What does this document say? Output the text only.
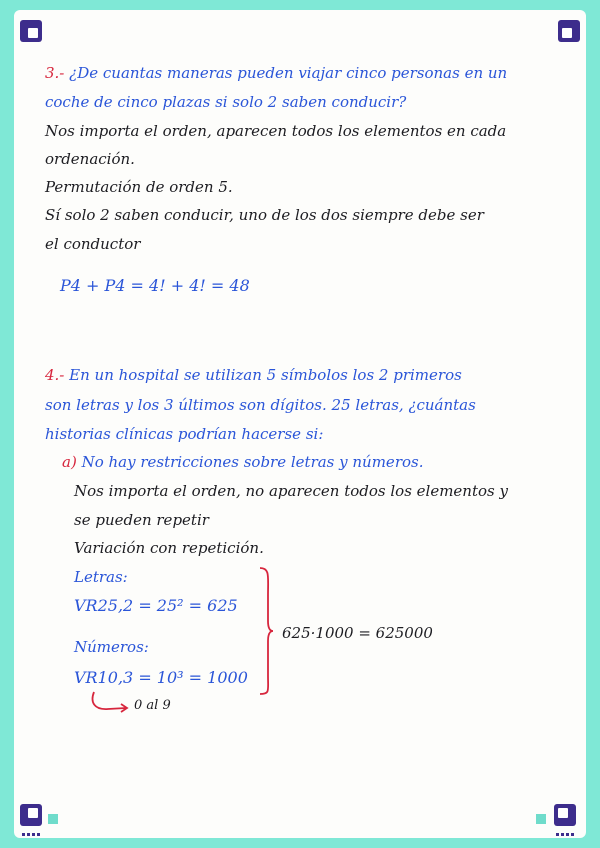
3.- ¿De cuantas maneras pueden viajar cinco personas en un
coche de cinco plazas si solo 2 saben conducir?
Nos importa el orden, aparecen todos los elementos en cada
ordenación.
Permutación de orden 5.
Sí solo 2 saben conducir, uno de los dos siempre debe ser
el conductor
P4 + P4 = 4! + 4! = 48
4.- En un hospital se utilizan 5 símbolos los 2 primeros
son letras y los 3 últimos son dígitos. 25 letras, ¿cuántas
historias clínicas podrían hacerse si:
a) No hay restricciones sobre letras y números.
Nos importa el orden, no aparecen todos los elementos y
se pueden repetir
Variación con repetición.
Letras:
VR25,2 = 25² = 625
Números:
VR10,3 = 10³ = 1000
0 al 9
625·1000 = 625000
